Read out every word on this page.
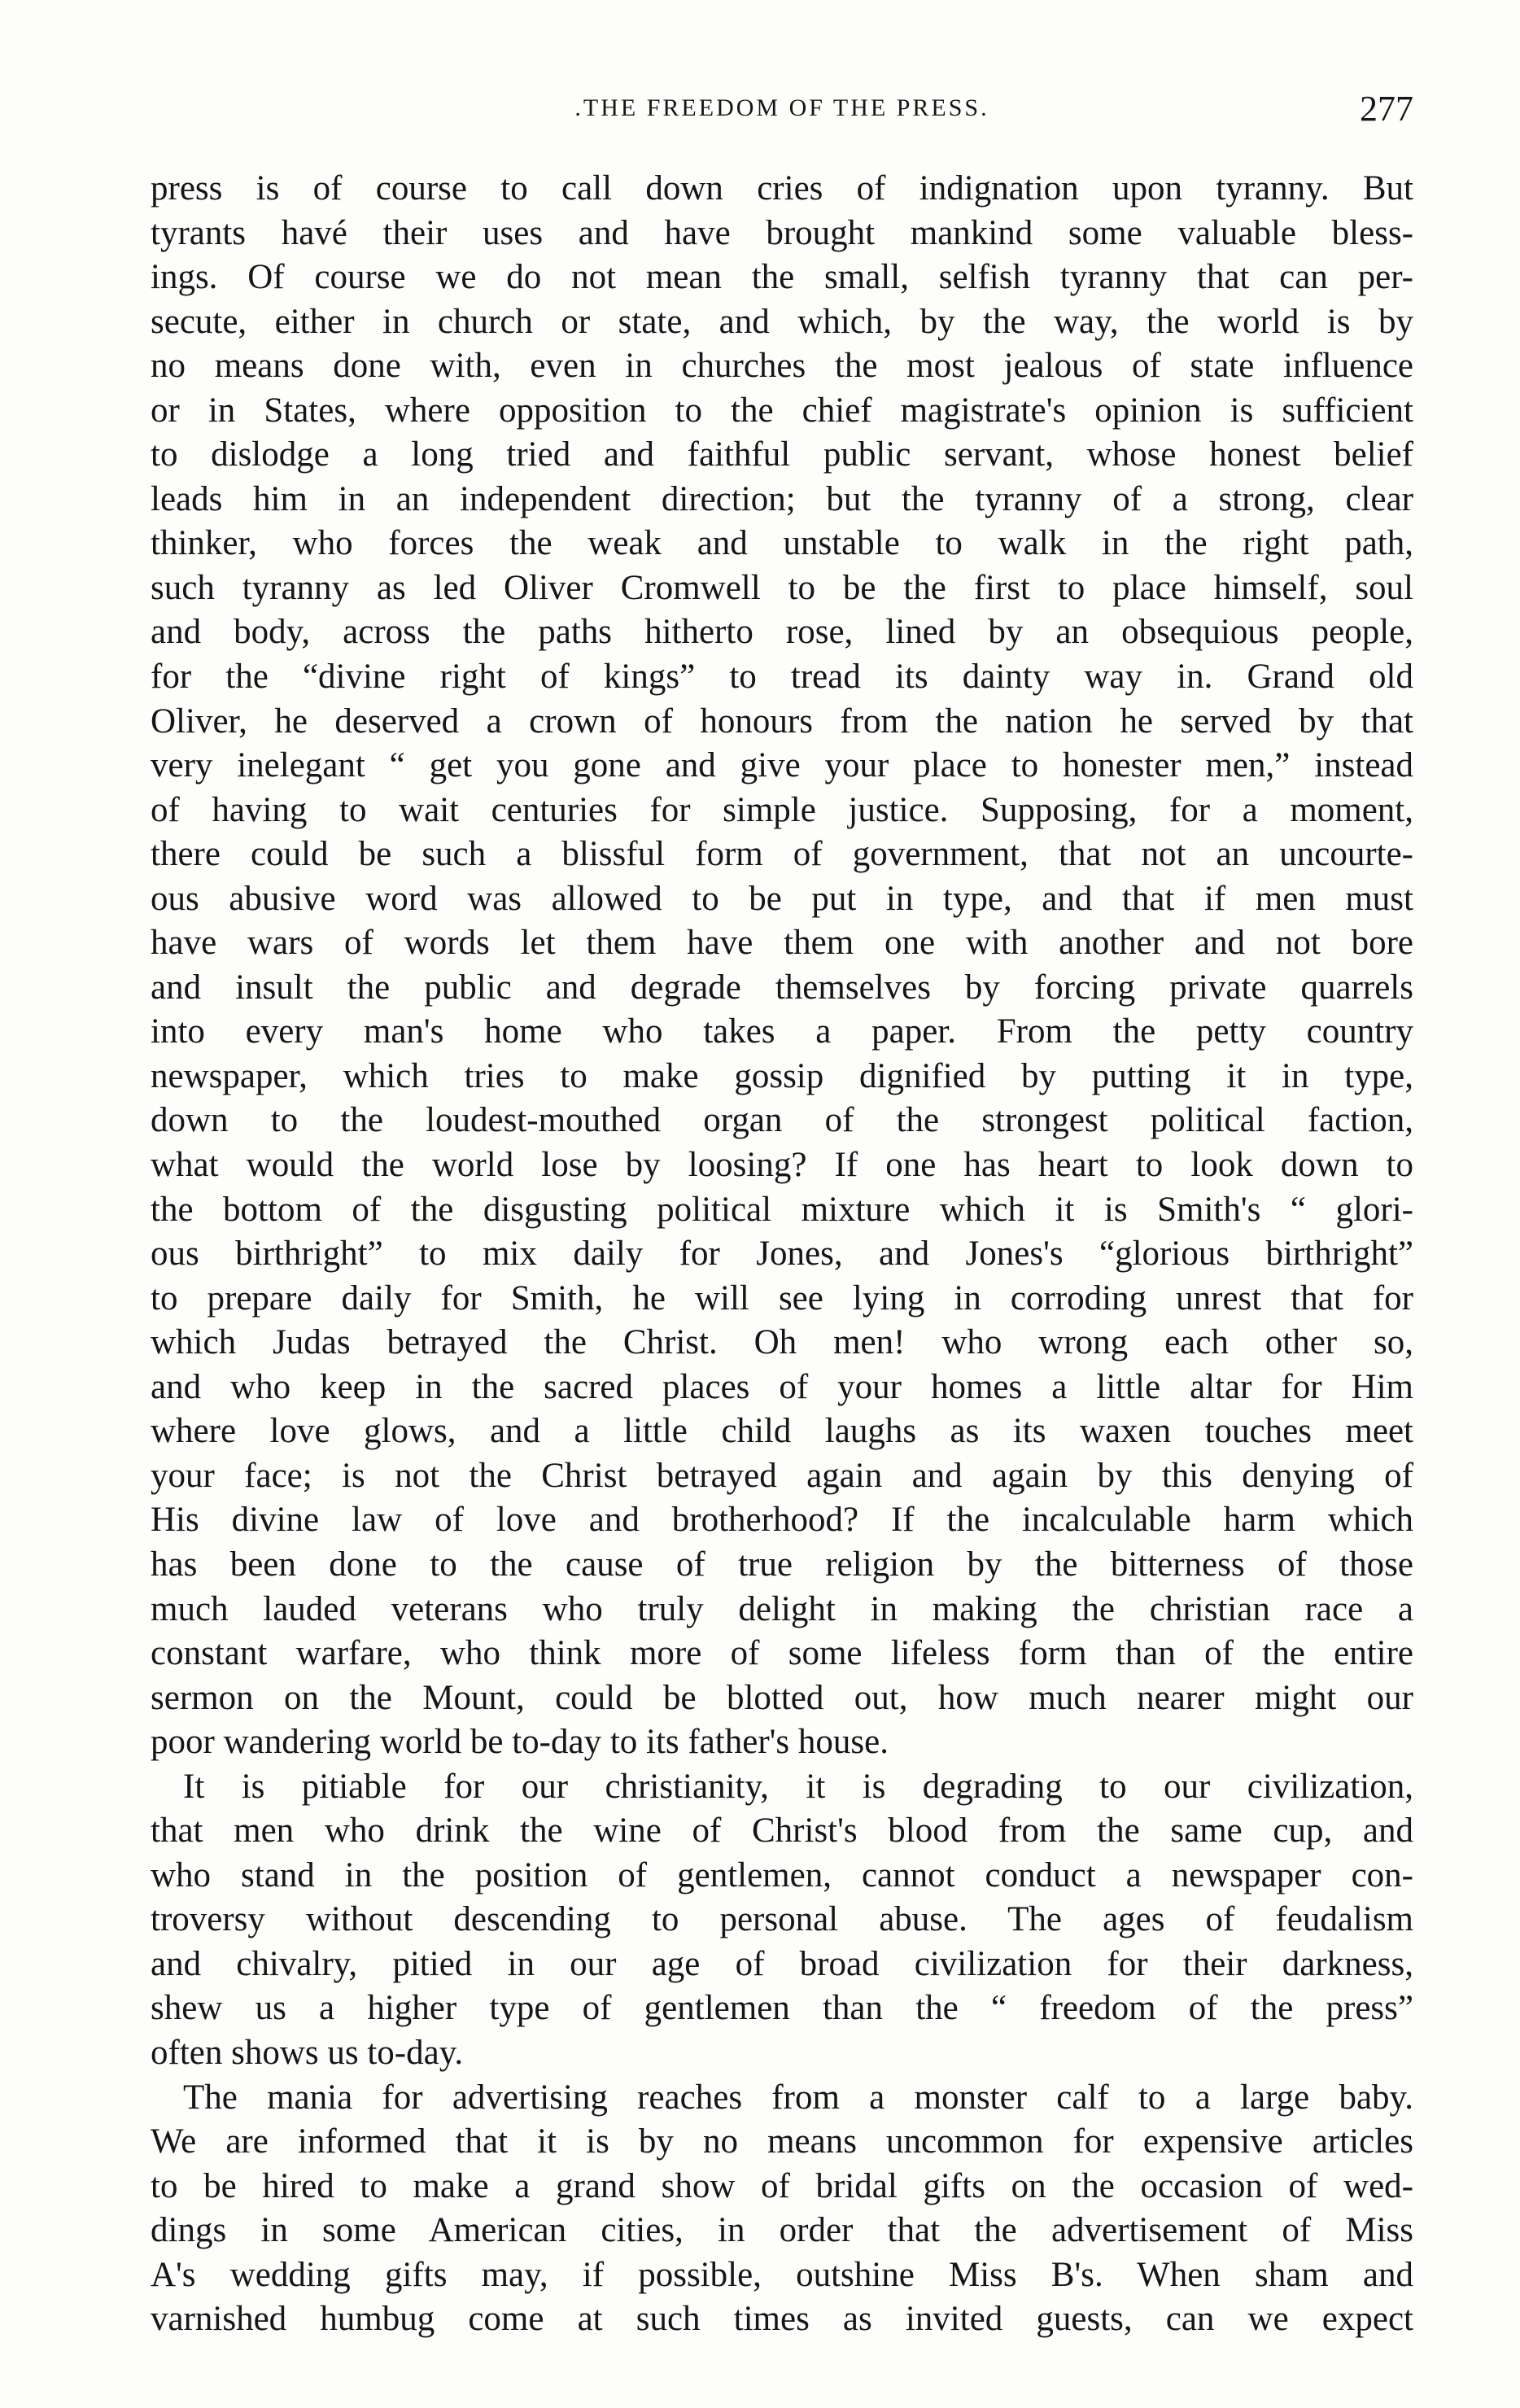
.THE FREEDOM OF THE PRESS.	277
press is of course to call down cries of indignation upon tyranny. But
tyrants havé their uses and have brought mankind some valuable bless-
ings. Of course we do not mean the small, selfish tyranny that can per-
secute, either in church or state, and which, by the way, the world is by
no means done with, even in churches the most jealous of state influence
or in States, where opposition to the chief magistrate's opinion is sufficient
to dislodge a long tried and faithful public servant, whose honest belief
leads him in an independent direction; but the tyranny of a strong, clear
thinker, who forces the weak and unstable to walk in the right path,
such tyranny as led Oliver Cromwell to be the first to place himself, soul
and body, across the paths hitherto rose, lined by an obsequious people,
for the “divine right of kings” to tread its dainty way in. Grand old
Oliver, he deserved a crown of honours from the nation he served by that
very inelegant “ get you gone and give your place to honester men,” instead
of having to wait centuries for simple justice. Supposing, for a moment,
there could be such a blissful form of government, that not an uncourte-
ous abusive word was allowed to be put in type, and that if men must
have wars of words let them have them one with another and not bore
and insult the public and degrade themselves by forcing private quarrels
into every man's home who takes a paper. From the petty country
newspaper, which tries to make gossip dignified by putting it in type,
down to the loudest-mouthed organ of the strongest political faction,
what would the world lose by loosing? If one has heart to look down to
the bottom of the disgusting political mixture which it is Smith's “ glori-
ous birthright” to mix daily for Jones, and Jones's “glorious birthright”
to prepare daily for Smith, he will see lying in corroding unrest that for
which Judas betrayed the Christ. Oh men! who wrong each other so,
and who keep in the sacred places of your homes a little altar for Him
where love glows, and a little child laughs as its waxen touches meet
your face; is not the Christ betrayed again and again by this denying of
His divine law of love and brotherhood? If the incalculable harm which
has been done to the cause of true religion by the bitterness of those
much lauded veterans who truly delight in making the christian race a
constant warfare, who think more of some lifeless form than of the entire
sermon on the Mount, could be blotted out, how much nearer might our
poor wandering world be to-day to its father's house.
It is pitiable for our christianity, it is degrading to our civilization,
that men who drink the wine of Christ's blood from the same cup, and
who stand in the position of gentlemen, cannot conduct a newspaper con-
troversy without descending to personal abuse. The ages of feudalism
and chivalry, pitied in our age of broad civilization for their darkness,
shew us a higher type of gentlemen than the “ freedom of the press”
often shows us to-day.
The mania for advertising reaches from a monster calf to a large baby.
We are informed that it is by no means uncommon for expensive articles
to be hired to make a grand show of bridal gifts on the occasion of wed-
dings in some American cities, in order that the advertisement of Miss
A's wedding gifts may, if possible, outshine Miss B's. When sham and
varnished humbug come at such times as invited guests, can we expect
